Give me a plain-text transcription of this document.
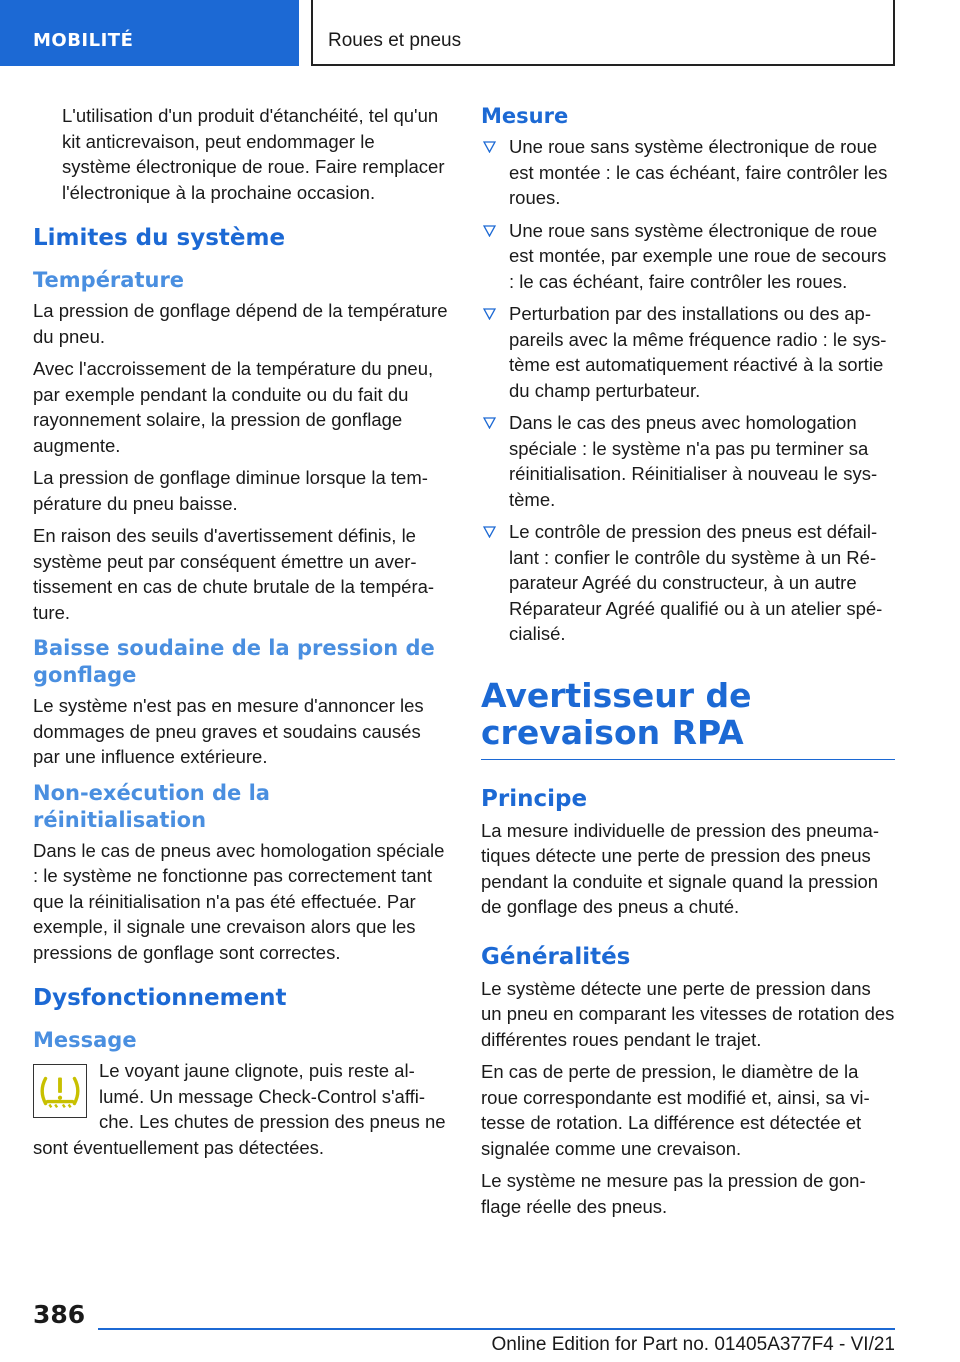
MOBILITÉ	Roues et pneus

L'utilisation d'un produit d'étanchéité, tel qu'un kit anticrevaison, peut endommager le système électronique de roue. Faire remplacer l'électronique à la prochaine occasion.

Limites du système
Température

La pression de gonflage dépend de la température du pneu.

Avec l'accroissement de la température du pneu, par exemple pendant la conduite ou du fait du rayonnement solaire, la pression de gonflage augmente.

La pression de gonflage diminue lorsque la température du pneu baisse.

En raison des seuils d'avertissement définis, le système peut par conséquent émettre un avertissement en cas de chute brutale de la température.

Baisse soudaine de la pression de gonflage

Le système n'est pas en mesure d'annoncer les dommages de pneu graves et soudains causés par une influence extérieure.

Non-exécution de la réinitialisation

Dans le cas de pneus avec homologation spéciale : le système ne fonctionne pas correctement tant que la réinitialisation n'a pas été effectuée. Par exemple, il signale une crevaison alors que les pressions de gonflage sont correctes.

Dysfonctionnement
Message

Le voyant jaune clignote, puis reste allumé. Un message Check-Control s'affiche. Les chutes de pression des pneus ne sont éventuellement pas détectées.

Mesure
Une roue sans système électronique de roue est montée : le cas échéant, faire contrôler les roues.
Une roue sans système électronique de roue est montée, par exemple une roue de secours : le cas échéant, faire contrôler les roues.
Perturbation par des installations ou des appareils avec la même fréquence radio : le système est automatiquement réactivé à la sortie du champ perturbateur.
Dans le cas des pneus avec homologation spéciale : le système n'a pas pu terminer sa réinitialisation. Réinitialiser à nouveau le système.
Le contrôle de pression des pneus est défaillant : confier le contrôle du système à un Réparateur Agréé du constructeur, à un autre Réparateur Agréé qualifié ou à un atelier spécialisé.
Avertisseur de crevaison RPA
Principe

La mesure individuelle de pression des pneumatiques détecte une perte de pression des pneus pendant la conduite et signale quand la pression de gonflage des pneus a chuté.

Généralités

Le système détecte une perte de pression dans un pneu en comparant les vitesses de rotation des différentes roues pendant le trajet.

En cas de perte de pression, le diamètre de la roue correspondante est modifié et, ainsi, sa vitesse de rotation. La différence est détectée et signalée comme une crevaison.

Le système ne mesure pas la pression de gonflage réelle des pneus.

386
Online Edition for Part no. 01405A377F4 - VI/21
